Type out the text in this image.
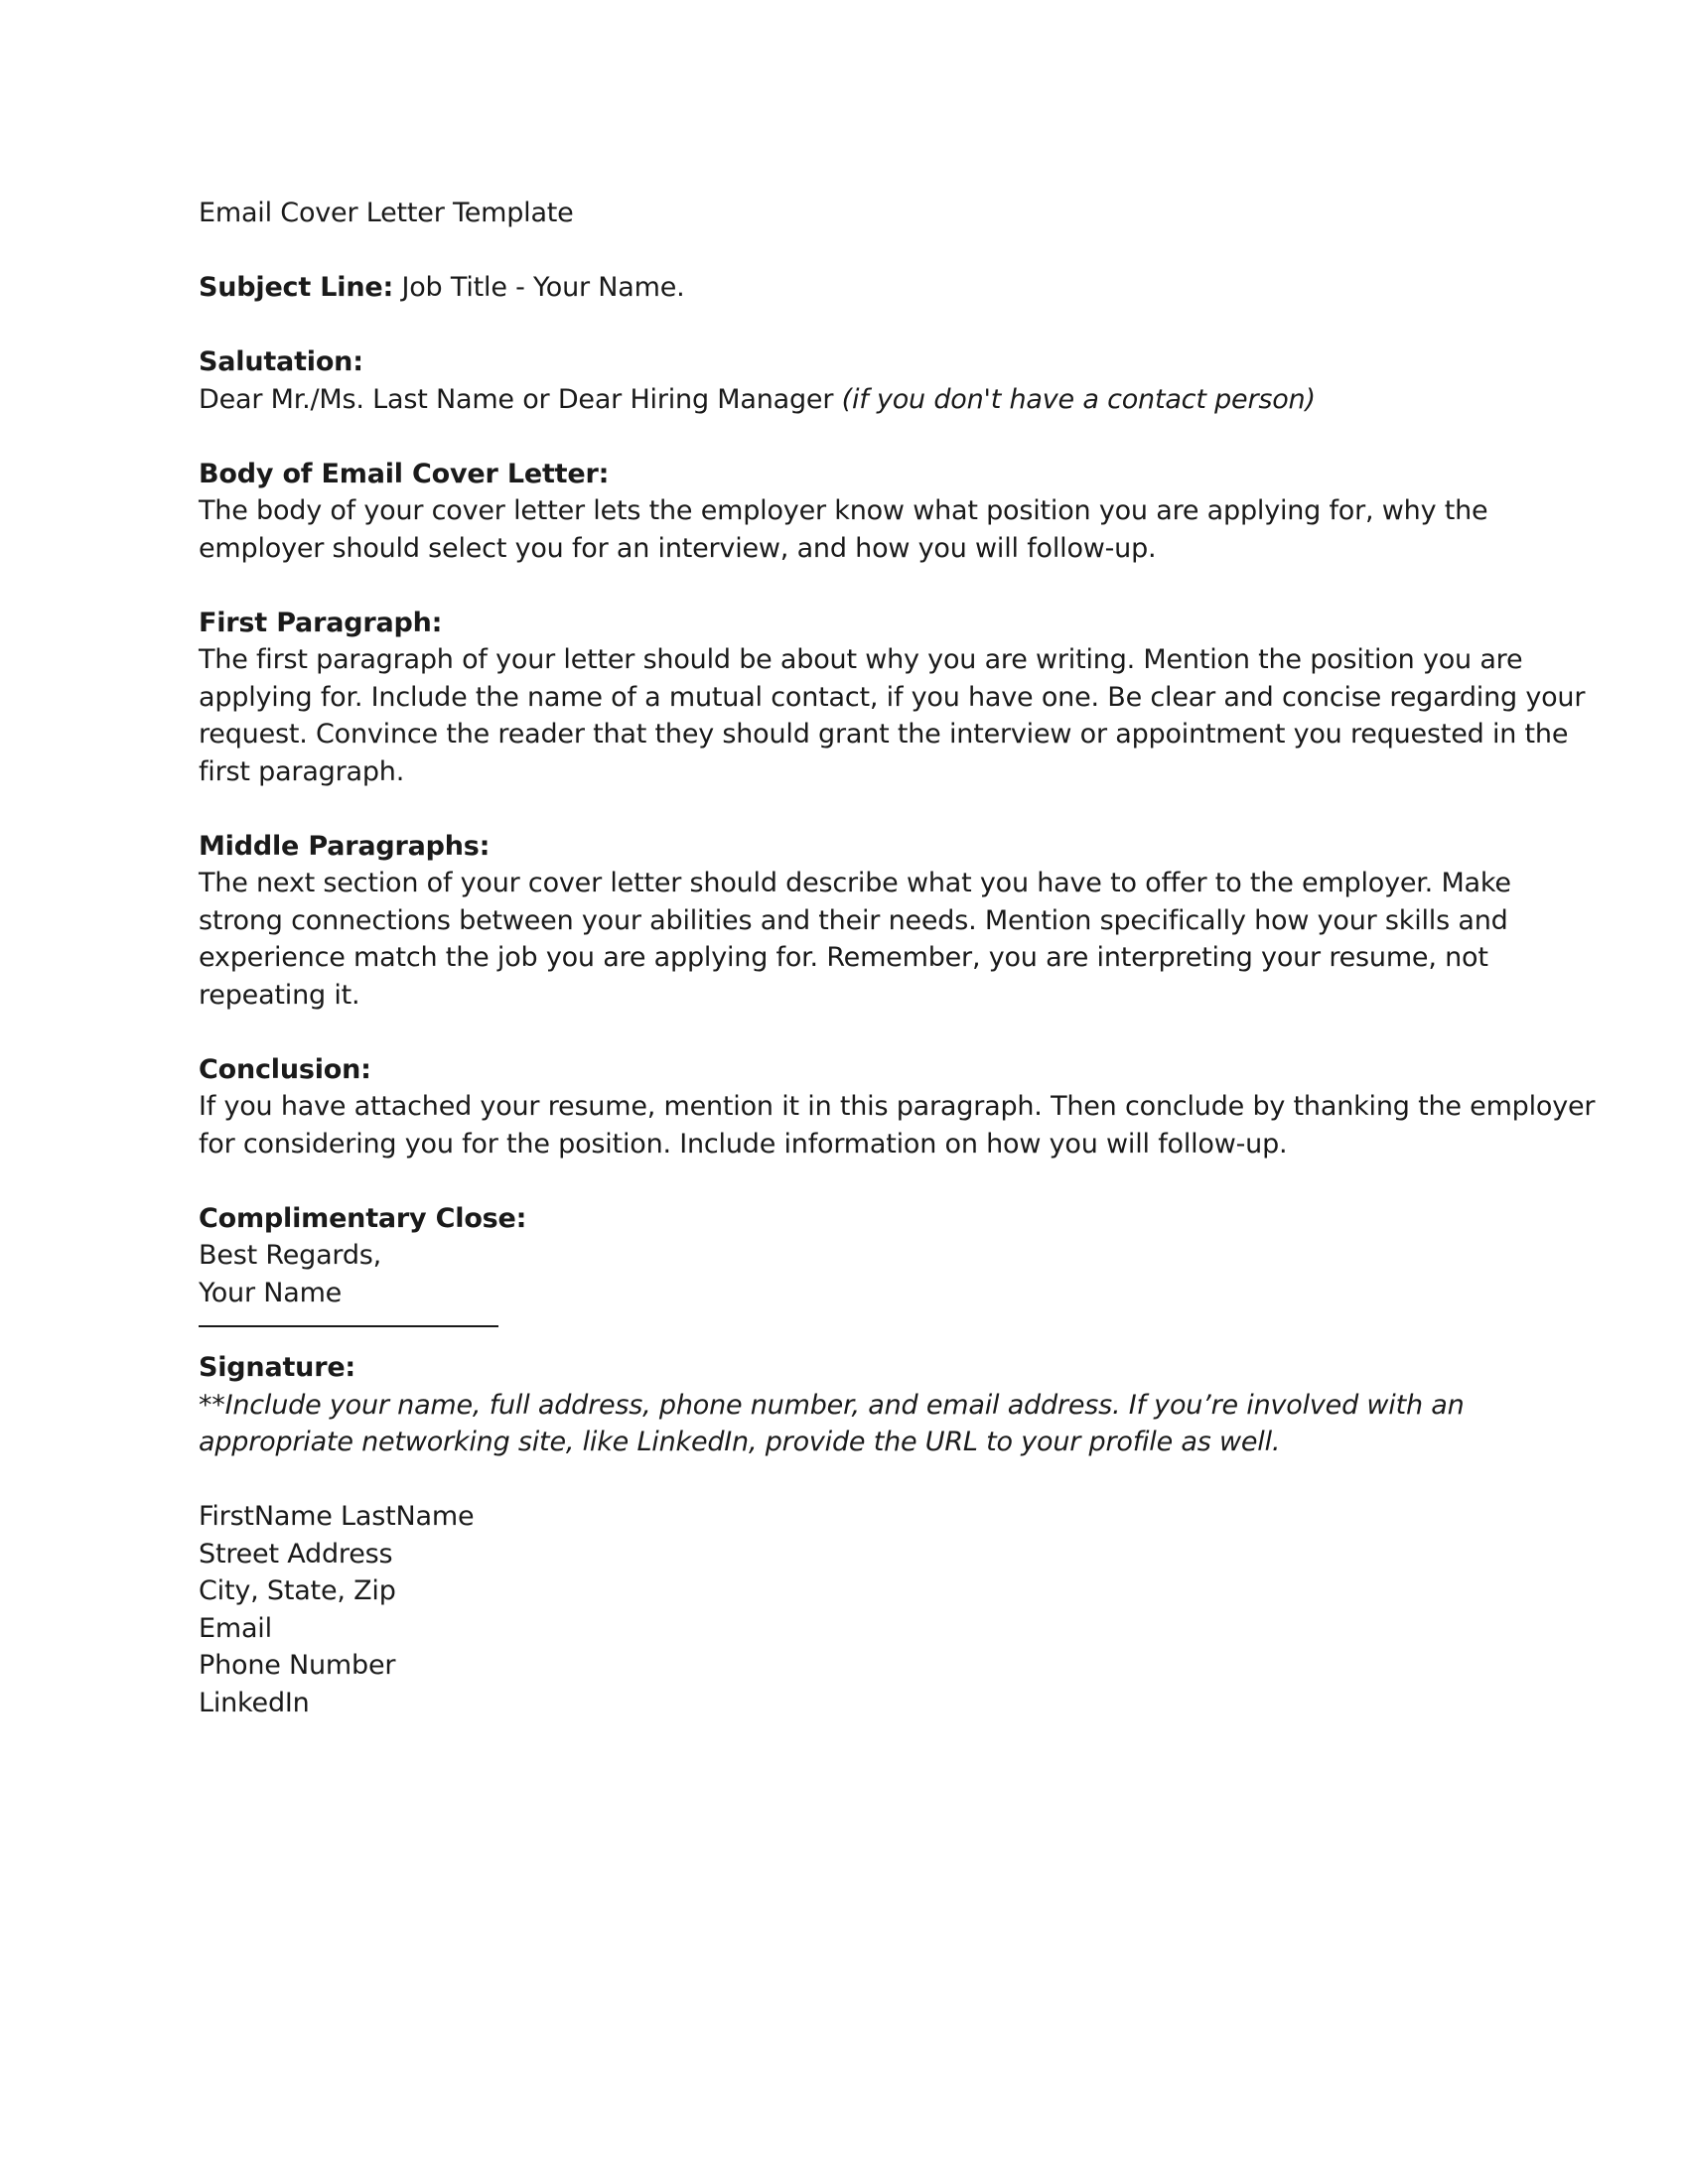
Email Cover Letter Template
Subject Line: Job Title - Your Name.
Salutation:
Dear Mr./Ms. Last Name or Dear Hiring Manager (if you don't have a contact person)
Body of Email Cover Letter:
The body of your cover letter lets the employer know what position you are applying for, why the
employer should select you for an interview, and how you will follow-up.
First Paragraph:
The first paragraph of your letter should be about why you are writing. Mention the position you are
applying for. Include the name of a mutual contact, if you have one. Be clear and concise regarding your
request. Convince the reader that they should grant the interview or appointment you requested in the
first paragraph.
Middle Paragraphs:
The next section of your cover letter should describe what you have to offer to the employer. Make
strong connections between your abilities and their needs. Mention specifically how your skills and
experience match the job you are applying for. Remember, you are interpreting your resume, not
repeating it.
Conclusion:
If you have attached your resume, mention it in this paragraph. Then conclude by thanking the employer
for considering you for the position. Include information on how you will follow-up.
Complimentary Close:
Best Regards,
Your Name
Signature:
**Include your name, full address, phone number, and email address. If you’re involved with an
appropriate networking site, like LinkedIn, provide the URL to your profile as well.
FirstName LastName
Street Address
City, State, Zip
Email
Phone Number
LinkedIn
